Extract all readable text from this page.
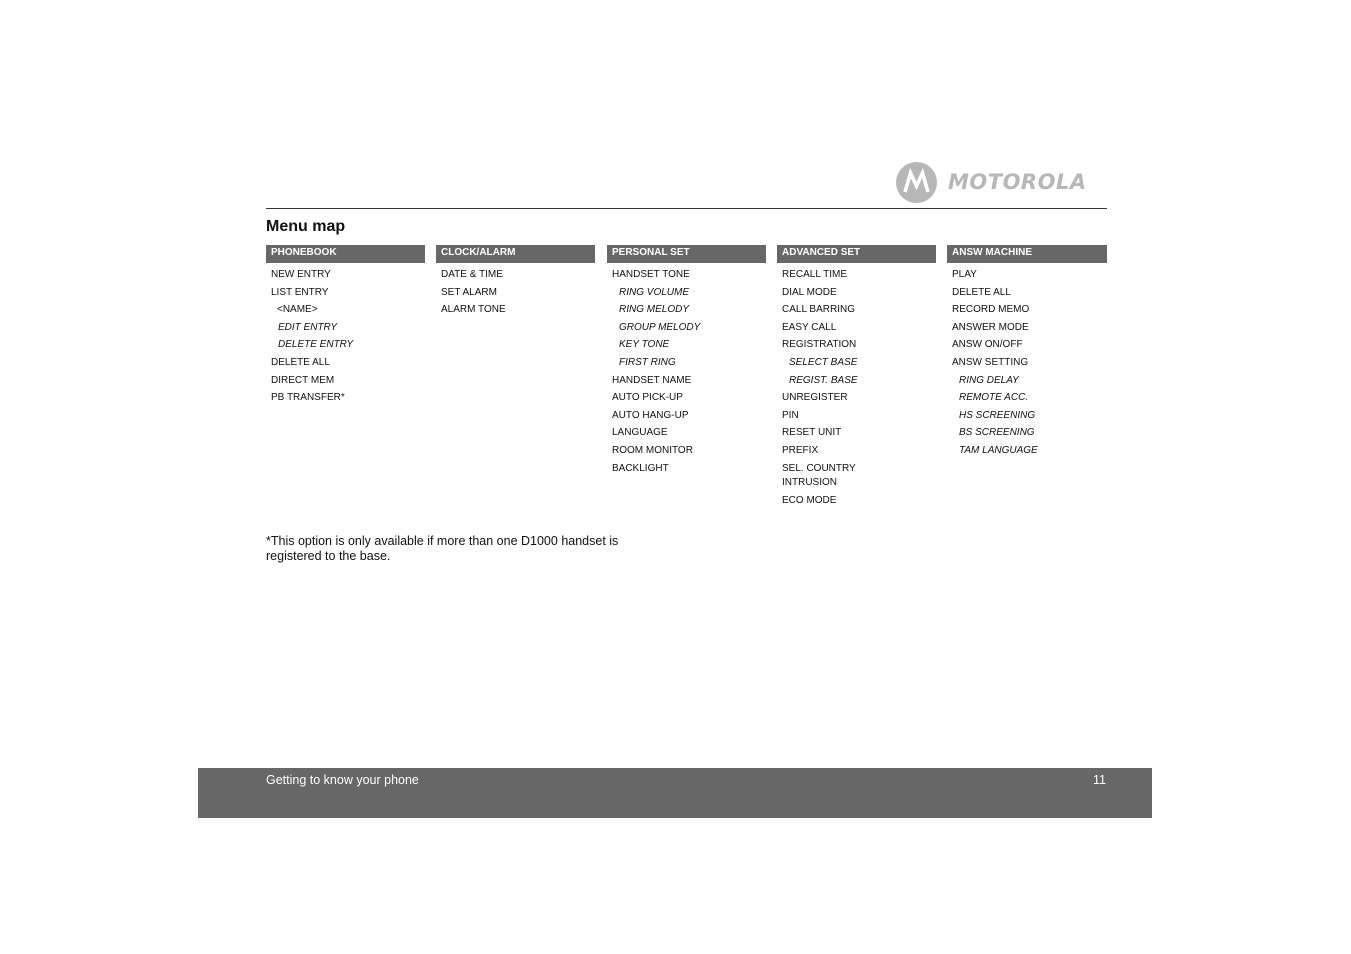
MOTOROLA
Menu map
PHONEBOOK
NEW ENTRY
LIST ENTRY
<NAME>
EDIT ENTRY
DELETE ENTRY
DELETE ALL
DIRECT MEM
PB TRANSFER*
CLOCK/ALARM
DATE & TIME
SET ALARM
ALARM TONE
PERSONAL SET
HANDSET TONE
RING VOLUME
RING MELODY
GROUP MELODY
KEY TONE
FIRST RING
HANDSET NAME
AUTO PICK-UP
AUTO HANG-UP
LANGUAGE
ROOM MONITOR
BACKLIGHT
ADVANCED SET
RECALL TIME
DIAL MODE
CALL BARRING
EASY CALL
REGISTRATION
SELECT BASE
REGIST. BASE
UNREGISTER
PIN
RESET UNIT
PREFIX
SEL. COUNTRY INTRUSION
ECO MODE
ANSW MACHINE
PLAY
DELETE ALL
RECORD MEMO
ANSWER MODE
ANSW ON/OFF
ANSW SETTING
RING DELAY
REMOTE ACC.
HS SCREENING
BS SCREENING
TAM LANGUAGE
*This option is only available if more than one D1000 handset is registered to the base.
Getting to know your phone	11
